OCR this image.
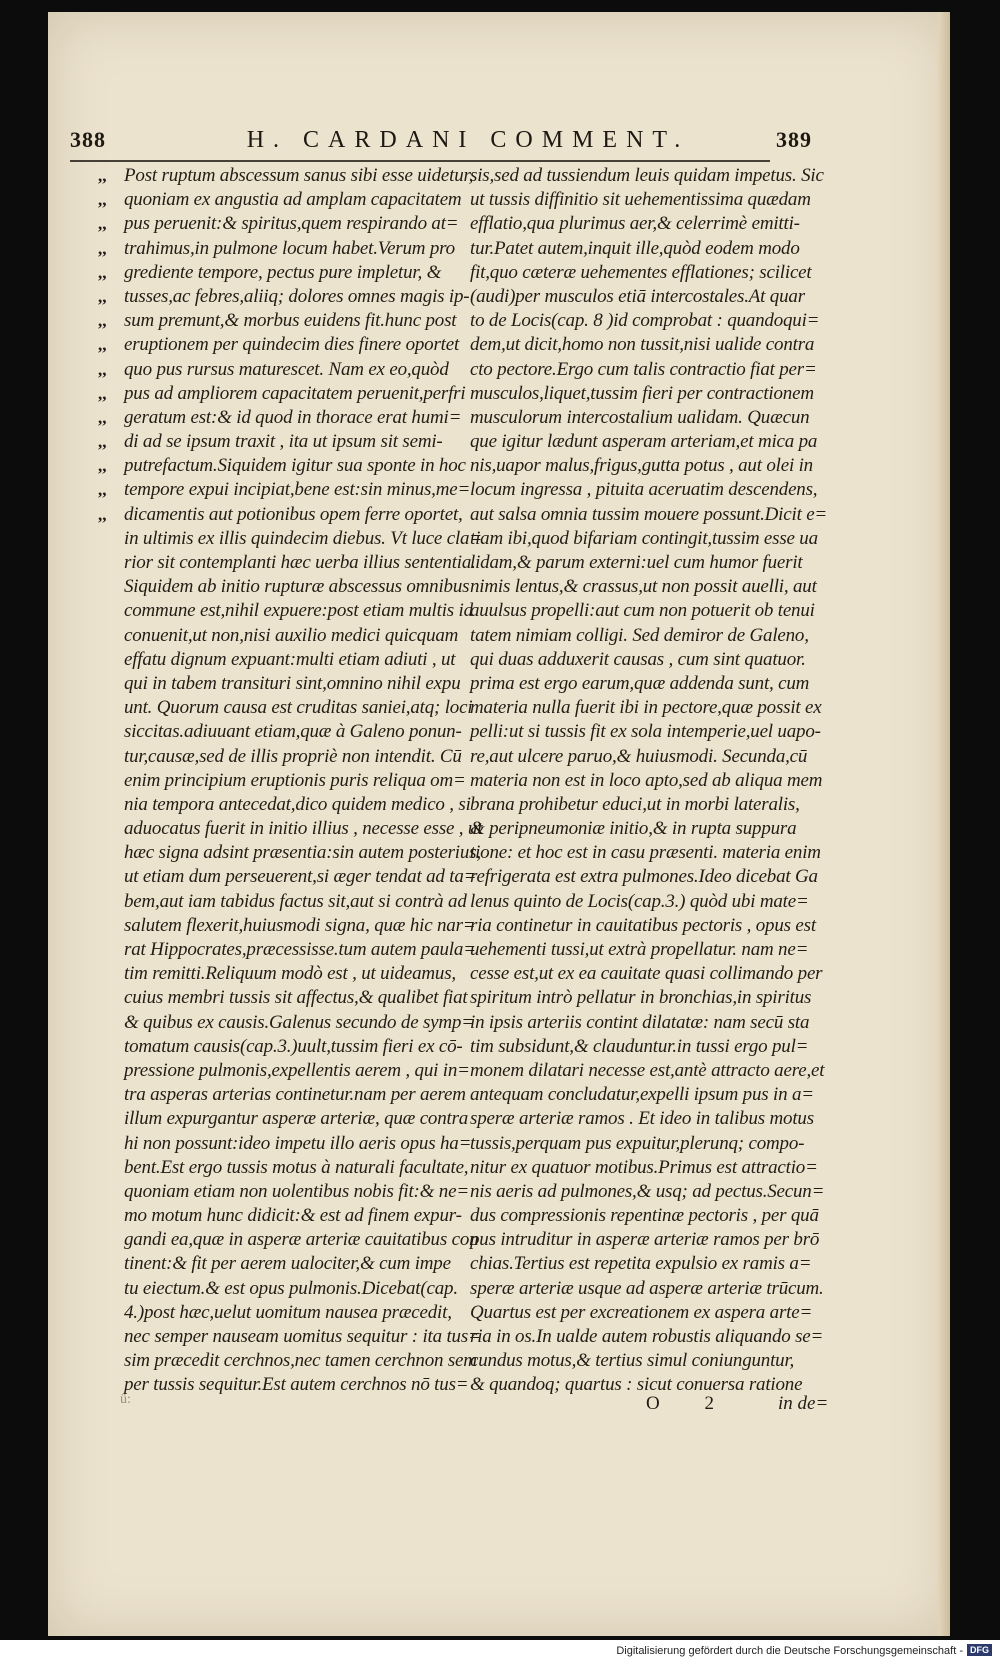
388	H. CARDANI COMMENT.	389
,,
,,
,,
,,
,,
,,
,,
,,
,,
,,
,,
,,
,,
,,
,,
Post ruptum abscessum sanus sibi esse uidetur,
quoniam ex angustia ad amplam capacitatem
pus peruenit:& spiritus,quem respirando at=
trahimus,in pulmone locum habet.Verum pro
grediente tempore, pectus pure impletur, &
tusses,ac febres,aliiq; dolores omnes magis ip-
sum premunt,& morbus euidens fit.hunc post
eruptionem per quindecim dies finere oportet
quo pus rursus maturescet. Nam ex eo,quòd
pus ad ampliorem capacitatem peruenit,perfri
geratum est:& id quod in thorace erat humi=
di ad se ipsum traxit , ita ut ipsum sit semi-
putrefactum.Siquidem igitur sua sponte in hoc
tempore expui incipiat,bene est:sin minus,me=
dicamentis aut potionibus opem ferre oportet,
in ultimis ex illis quindecim diebus. Vt luce cla=
rior sit contemplanti hæc uerba illius sententia.
Siquidem ab initio rupturæ abscessus omnibus
commune est,nihil expuere:post etiam multis id
conuenit,ut non,nisi auxilio medici quicquam
effatu dignum expuant:multi etiam adiuti , ut
qui in tabem transituri sint,omnino nihil expu
unt. Quorum causa est cruditas saniei,atq; loci
siccitas.adiuuant etiam,quæ à Galeno ponun-
tur,causæ,sed de illis propriè non intendit. Cū
enim principium eruptionis puris reliqua om=
nia tempora antecedat,dico quidem medico , si
aduocatus fuerit in initio illius , necesse esse , ut
hæc signa adsint præsentia:sin autem posterius,
ut etiam dum perseuerent,si æger tendat ad ta=
bem,aut iam tabidus factus sit,aut si contrà ad
salutem flexerit,huiusmodi signa, quæ hic nar=
rat Hippocrates,præcessisse.tum autem paula=
tim remitti.Reliquum modò est , ut uideamus,
cuius membri tussis sit affectus,& qualibet fiat
& quibus ex causis.Galenus secundo de symp=
tomatum causis(cap.3.)uult,tussim fieri ex cō-
pressione pulmonis,expellentis aerem , qui in=
tra asperas arterias continetur.nam per aerem
illum expurgantur asperæ arteriæ, quæ contra
hi non possunt:ideo impetu illo aeris opus ha=
bent.Est ergo tussis motus à naturali facultate,
quoniam etiam non uolentibus nobis fit:& ne=
mo motum hunc didicit:& est ad finem expur-
gandi ea,quæ in asperæ arteriæ cauitatibus con
tinent:& fit per aerem ualociter,& cum impe
tu eiectum.& est opus pulmonis.Dicebat(cap.
4.)post hæc,uelut uomitum nausea præcedit,
nec semper nauseam uomitus sequitur : ita tus=
sim præcedit cerchnos,nec tamen cerchnon sem
per tussis sequitur.Est autem cerchnos nō tus=
sis,sed ad tussiendum leuis quidam impetus. Sic
ut tussis diffinitio sit uehementissima quædam
efflatio,qua plurimus aer,& celerrimè emitti-
tur.Patet autem,inquit ille,quòd eodem modo
fit,quo cæteræ uehementes efflationes; scilicet
(audi)per musculos etiā intercostales.At quar
to de Locis(cap. 8 )id comprobat : quandoqui=
dem,ut dicit,homo non tussit,nisi ualide contra
cto pectore.Ergo cum talis contractio fiat per=
musculos,liquet,tussim fieri per contractionem
musculorum intercostalium ualidam. Quæcun
que igitur lædunt asperam arteriam,et mica pa
nis,uapor malus,frigus,gutta potus , aut olei in
locum ingressa , pituita aceruatim descendens,
aut salsa omnia tussim mouere possunt.Dicit e=
tiam ibi,quod bifariam contingit,tussim esse ua
lidam,& parum externi:uel cum humor fuerit
nimis lentus,& crassus,ut non possit auelli, aut
auulsus propelli:aut cum non potuerit ob tenui
tatem nimiam colligi. Sed demiror de Galeno,
qui duas adduxerit causas , cum sint quatuor.
prima est ergo earum,quæ addenda sunt, cum
materia nulla fuerit ibi in pectore,quæ possit ex
pelli:ut si tussis fit ex sola intemperie,uel uapo-
re,aut ulcere paruo,& huiusmodi. Secunda,cū
materia non est in loco apto,sed ab aliqua mem
brana prohibetur educi,ut in morbi lateralis,
& peripneumoniæ initio,& in rupta suppura
tione: et hoc est in casu præsenti. materia enim
refrigerata est extra pulmones.Ideo dicebat Ga
lenus quinto de Locis(cap.3.) quòd ubi mate=
ria continetur in cauitatibus pectoris , opus est
uehementi tussi,ut extrà propellatur. nam ne=
cesse est,ut ex ea cauitate quasi collimando per
spiritum intrò pellatur in bronchias,in spiritus
in ipsis arteriis contint dilatatæ: nam secū sta
tim subsidunt,& clauduntur.in tussi ergo pul=
monem dilatari necesse est,antè attracto aere,et
antequam concludatur,expelli ipsum pus in a=
speræ arteriæ ramos . Et ideo in talibus motus
tussis,perquam pus expuitur,plerunq; compo-
nitur ex quatuor motibus.Primus est attractio=
nis aeris ad pulmones,& usq; ad pectus.Secun=
dus compressionis repentinæ pectoris , per quā
pus intruditur in asperæ arteriæ ramos per brō
chias.Tertius est repetita expulsio ex ramis a=
speræ arteriæ usque ad asperæ arteriæ trūcum.
Quartus est per excreationem ex aspera arte=
ria in os.In ualde autem robustis aliquando se=
cundus motus,& tertius simul coniunguntur,
& quandoq; quartus : sicut conuersa ratione
O 2 in de=
ü:
Digitalisierung gefördert durch die Deutsche Forschungsgemeinschaft - DFG
